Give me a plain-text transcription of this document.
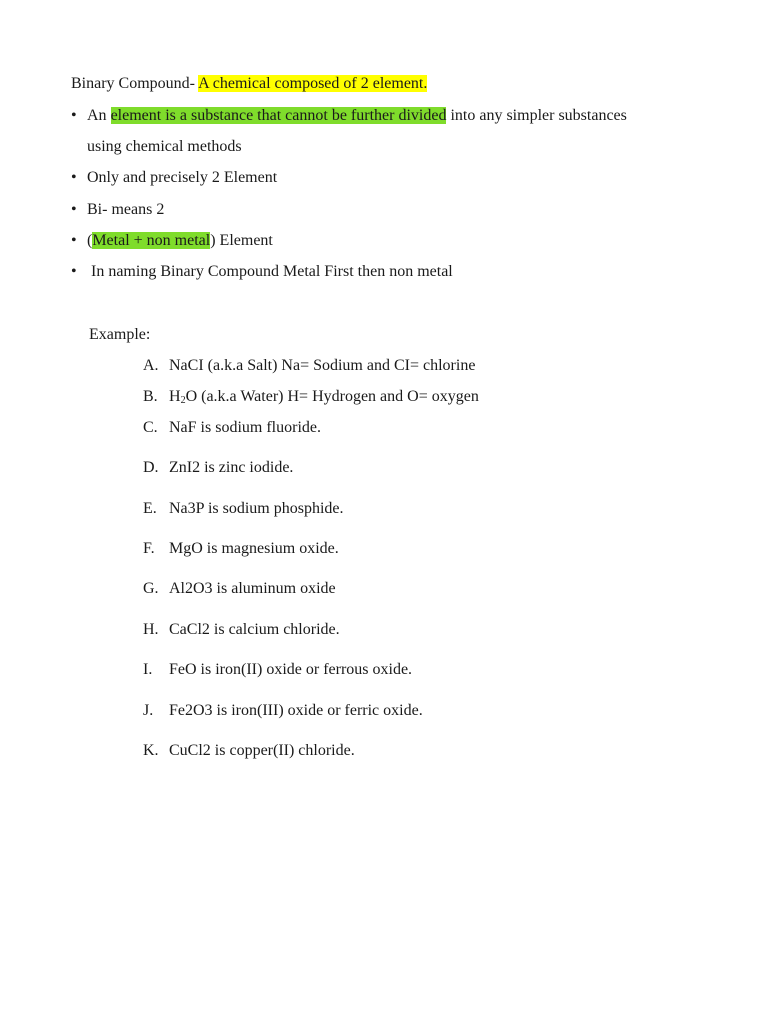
Binary Compound- A chemical composed of 2 element.
• An element is a substance that cannot be further divided into any simpler substances
using chemical methods
• Only and precisely 2 Element
• Bi- means 2
• (Metal + non metal) Element
• In naming Binary Compound Metal First then non metal
Example:
A. NaCI (a.k.a Salt) Na= Sodium and CI= chlorine
B. $H_2O$ (a.k.a Water) H= Hydrogen and O= oxygen
C. NaF is sodium fluoride.
D. ZnI2 is zinc iodide.
E. Na3P is sodium phosphide.
F. MgO is magnesium oxide.
G. Al2O3 is aluminum oxide
H. CaCl2 is calcium chloride.
I. FeO is iron(II) oxide or ferrous oxide.
J. Fe2O3 is iron(III) oxide or ferric oxide.
K. CuCl2 is copper(II) chloride.
